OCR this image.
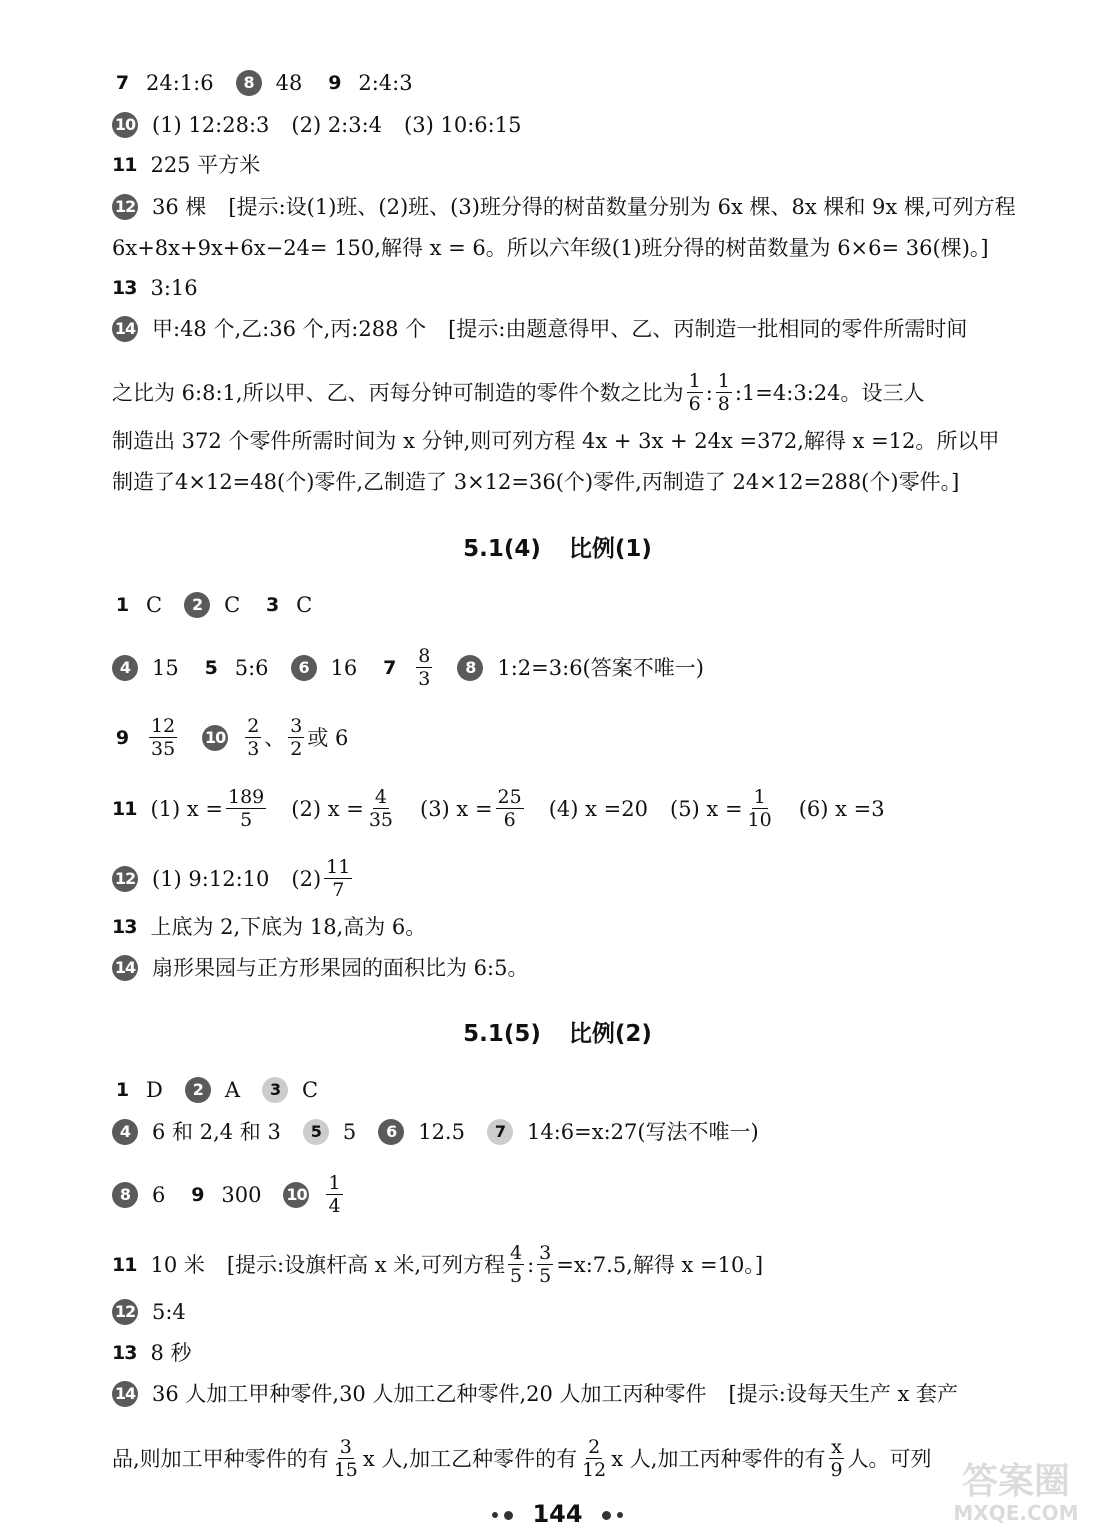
7 24:1:6	8	48 9 2:4:3
10 (1) 12:28:3 (2) 2:3:4 (3) 10:6:15
11 225 平方米
12 36 棵 [提示:设(1)班、(2)班、(3)班分得的树苗数量分别为 6x 棵、8x 棵和 9x 棵,可列方程
6x+8x+9x+6x−24= 150,解得 x = 6。所以六年级(1)班分得的树苗数量为 6×6= 36(棵)。]
13 3:16
14 甲:48 个,乙:36 个,丙:288 个 [提示:由题意得甲、乙、丙制造一批相同的零件所需时间
之比为 6:8:1,所以甲、乙、丙每分钟可制造的零件个数之比为 $\frac{1}{6}$ : $\frac{1}{8}$ :1=4:3:24。设三人
制造出 372 个零件所需时间为 x 分钟,则可列方程 4x + 3x + 24x =372,解得 x =12。所以甲
制造了4×12=48(个)零件,乙制造了 3×12=36(个)零件,丙制造了 24×12=288(个)零件。]
5.1(4) 比例(1)
1 C	2	C 3 C
4	15 5 5:6	6	16 $7 \frac{8}{3}$	8	1:2=3:6(答案不唯一)
$9 \frac{12}{35} 10 \frac{2}{3}$ 、 $\frac{3}{2}$ 或 6
11 (1) $x = \frac{189}{5} (2) x = \frac{4}{35} (3) x = \frac{25}{6} (4)$ x =20 (5) $x = \frac{1}{10} (6)$ x =3
12 (1) 9:12:10 $(2) \frac{11}{7}$
13 上底为 2,下底为 18,高为 6。
14 扇形果园与正方形果园的面积比为 6:5。
5.1(5) 比例(2)
1 D	2	A	3	C
4	6 和 2,4 和 3	5	5	6	12.5	7	14:6=x:27(写法不唯一)
8	6 9 300 $10 \frac{1}{4}$
11 10 米 [提示:设旗杆高 x 米,可列方程 $\frac{4}{5}$ : $\frac{3}{5}$ =x:7.5,解得 x =10。]
12 5:4
13 8 秒
14 36 人加工甲种零件,30 人加工乙种零件,20 人加工丙种零件 [提示:设每天生产 x 套产
品,则加工甲种零件的有 $\frac{3}{15}$ x 人,加工乙种零件的有 $\frac{2}{12}$ x 人,加工丙种零件的有 $\frac{x}{9}$ 人。可列
144
答案圈
MXQE.COM
